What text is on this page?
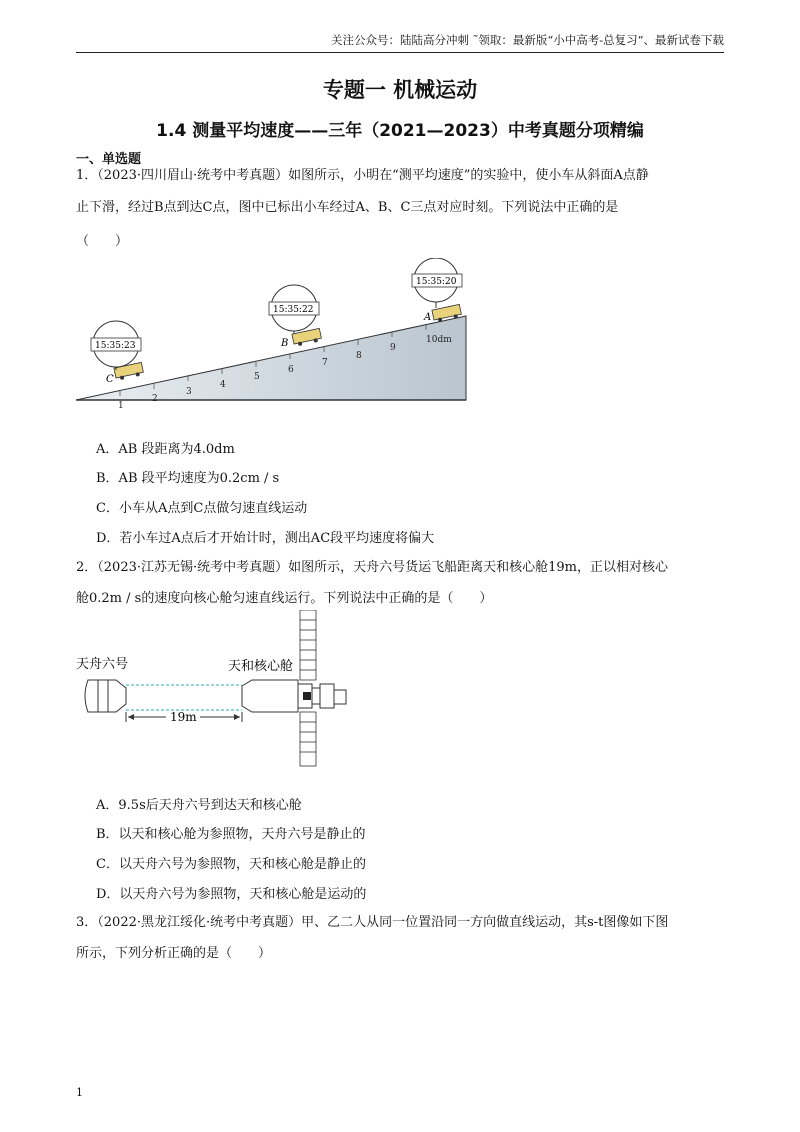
关注公众号：陆陆高分冲刺 ˜领取：最新版“小中高考-总复习”、最新试卷下载
专题一 机械运动
1.4 测量平均速度——三年（2021—2023）中考真题分项精编
一、单选题
1．（2023·四川眉山·统考中考真题）如图所示，小明在“测平均速度”的实验中，使小车从斜面A点静
止下滑，经过B点到达C点，图中已标出小车经过A、B、C三点对应时刻。下列说法中正确的是
（　　）
1
2
3
4
5
6
7
8
9
10dm
15:35:23
15:35:22
15:35:20
C
B
A
A．AB 段距离为4.0dm
B．AB 段平均速度为0.2cm / s
C．小车从A点到C点做匀速直线运动
D．若小车过A点后才开始计时，测出AC段平均速度将偏大
2．（2023·江苏无锡·统考中考真题）如图所示，天舟六号货运飞船距离天和核心舱19m，正以相对核心
舱0.2m / s的速度向核心舱匀速直线运行。下列说法中正确的是（　　）
天舟六号	天和核心舱
19m
A．9.5s后天舟六号到达天和核心舱
B．以天和核心舱为参照物，天舟六号是静止的
C．以天舟六号为参照物，天和核心舱是静止的
D．以天舟六号为参照物，天和核心舱是运动的
3．（2022·黑龙江绥化·统考中考真题）甲、乙二人从同一位置沿同一方向做直线运动，其s-t图像如下图
所示，下列分析正确的是（　　）
1
